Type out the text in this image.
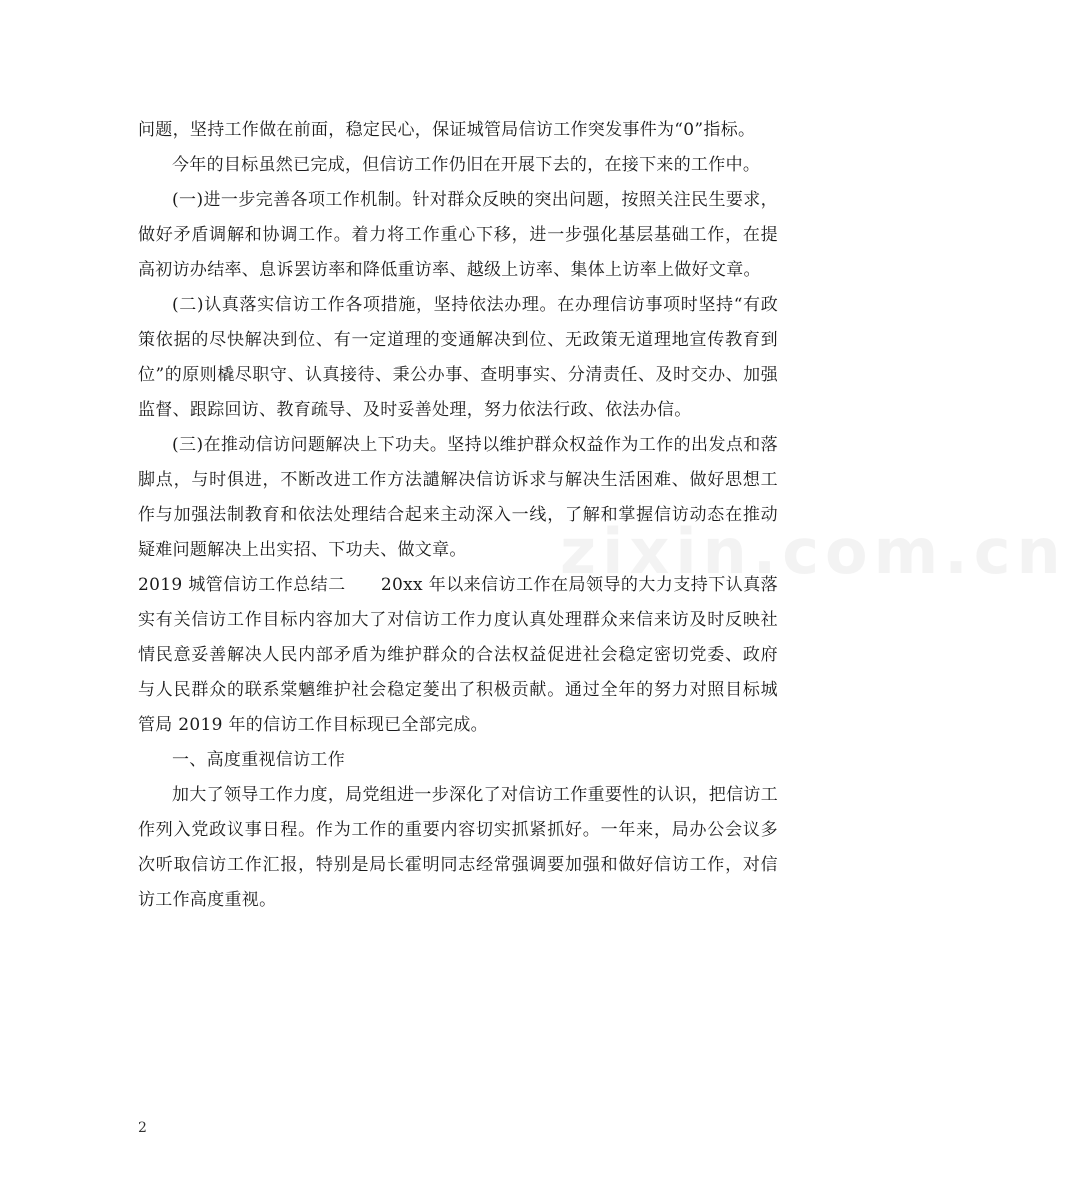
zixin.com.cn

问题，坚持工作做在前面，稳定民心，保证城管局信访工作突发事件为“0”指标。

今年的目标虽然已完成，但信访工作仍旧在开展下去的，在接下来的工作中。

(一)进一步完善各项工作机制。针对群众反映的突出问题，按照关注民生要求，做好矛盾调解和协调工作。着力将工作重心下移，进一步强化基层基础工作，在提高初访办结率、息诉罢访率和降低重访率、越级上访率、集体上访率上做好文章。

(二)认真落实信访工作各项措施，坚持依法办理。在办理信访事项时坚持“有政策依据的尽快解决到位、有一定道理的变通解决到位、无政策无道理地宣传教育到位”的原则橇尽职守、认真接待、秉公办事、查明事实、分清责任、及时交办、加强监督、跟踪回访、教育疏导、及时妥善处理，努力依法行政、依法办信。

(三)在推动信访问题解决上下功夫。坚持以维护群众权益作为工作的出发点和落脚点，与时俱进，不断改进工作方法譴解决信访诉求与解决生活困难、做好思想工作与加强法制教育和依法处理结合起来主动深入一线，了解和掌握信访动态在推动疑难问题解决上出实招、下功夫、做文章。

2019 城管信访工作总结二      20xx 年以来信访工作在局领导的大力支持下认真落实有关信访工作目标内容加大了对信访工作力度认真处理群众来信来访及时反映社情民意妥善解决人民内部矛盾为维护群众的合法权益促进社会稳定密切党委、政府与人民群众的联系棠魑维护社会稳定蓌出了积极贡献。通过全年的努力对照目标城管局 2019 年的信访工作目标现已全部完成。

一、高度重视信访工作

加大了领导工作力度，局党组进一步深化了对信访工作重要性的认识，把信访工作列入党政议事日程。作为工作的重要内容切实抓紧抓好。一年来，局办公会议多次听取信访工作汇报，特别是局长霍明同志经常强调要加强和做好信访工作，对信访工作高度重视。

2
